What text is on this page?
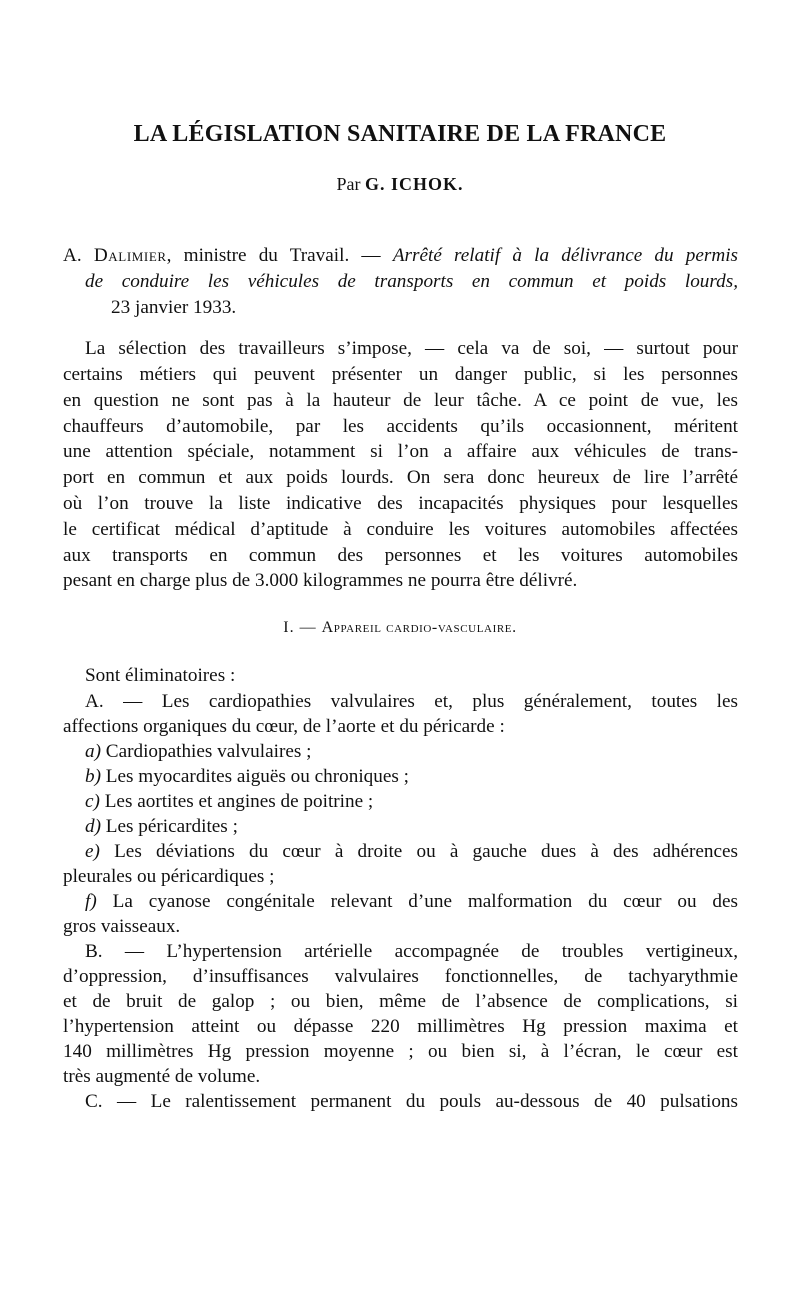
LA LÉGISLATION SANITAIRE DE LA FRANCE
Par G. ICHOK.
A. Dalimier, ministre du Travail. — Arrêté relatif à la délivrance du permis
de conduire les véhicules de transports en commun et poids lourds,
23 janvier 1933.
La sélection des travailleurs s’impose, — cela va de soi, — surtout pour
certains métiers qui peuvent présenter un danger public, si les personnes
en question ne sont pas à la hauteur de leur tâche. A ce point de vue, les
chauffeurs d’automobile, par les accidents qu’ils occasionnent, méritent
une attention spéciale, notamment si l’on a affaire aux véhicules de trans-
port en commun et aux poids lourds. On sera donc heureux de lire l’arrêté
où l’on trouve la liste indicative des incapacités physiques pour lesquelles
le certificat médical d’aptitude à conduire les voitures automobiles affectées
aux transports en commun des personnes et les voitures automobiles
pesant en charge plus de 3.000 kilogrammes ne pourra être délivré.
I. — Appareil cardio-vasculaire.
Sont éliminatoires :
A. — Les cardiopathies valvulaires et, plus généralement, toutes les
affections organiques du cœur, de l’aorte et du péricarde :
a) Cardiopathies valvulaires ;
b) Les myocardites aiguës ou chroniques ;
c) Les aortites et angines de poitrine ;
d) Les péricardites ;
e) Les déviations du cœur à droite ou à gauche dues à des adhérences
pleurales ou péricardiques ;
f) La cyanose congénitale relevant d’une malformation du cœur ou des
gros vaisseaux.
B. — L’hypertension artérielle accompagnée de troubles vertigineux,
d’oppression, d’insuffisances valvulaires fonctionnelles, de tachyarythmie
et de bruit de galop ; ou bien, même de l’absence de complications, si
l’hypertension atteint ou dépasse 220 millimètres Hg pression maxima et
140 millimètres Hg pression moyenne ; ou bien si, à l’écran, le cœur est
très augmenté de volume.
C. — Le ralentissement permanent du pouls au-dessous de 40 pulsations
